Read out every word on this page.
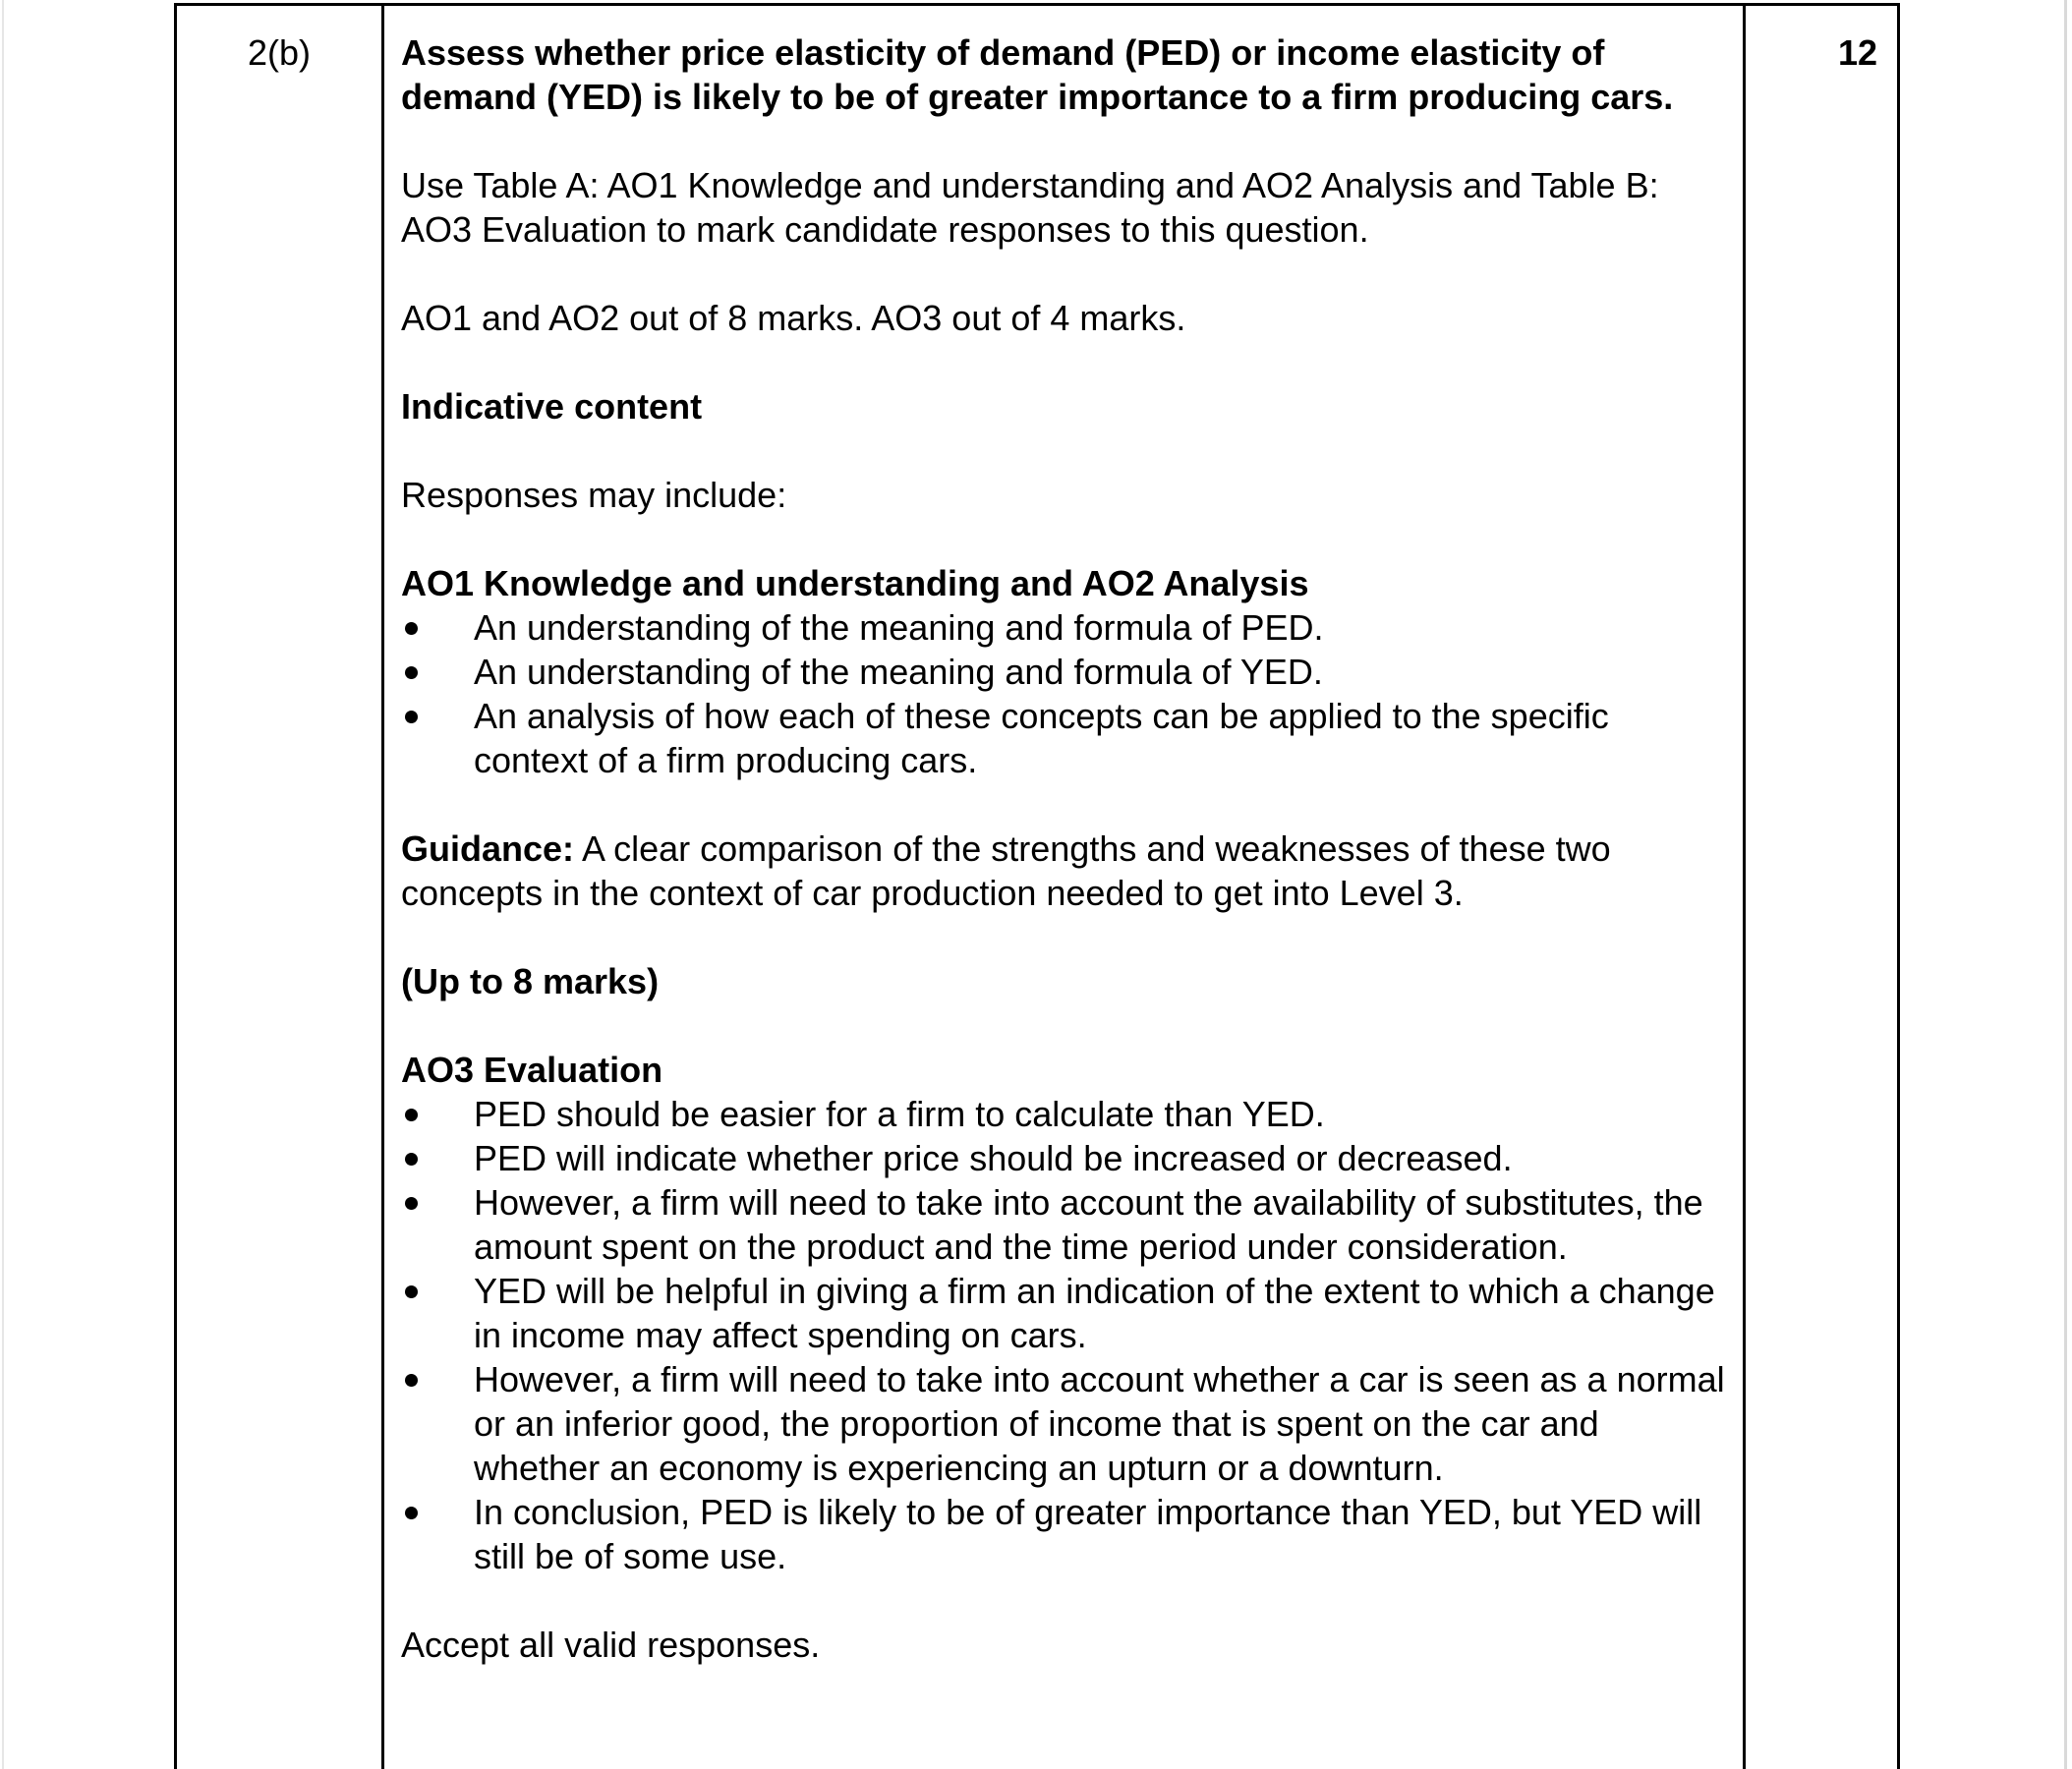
2(b)	Assess whether price elasticity of demand (PED) or income elasticity of demand (YED) is likely to be of greater importance to a firm producing cars.

Use Table A: AO1 Knowledge and understanding and AO2 Analysis and Table B: AO3 Evaluation to mark candidate responses to this question.

AO1 and AO2 out of 8 marks. AO3 out of 4 marks.

Indicative content

Responses may include:

AO1 Knowledge and understanding and AO2 Analysis

An understanding of the meaning and formula of PED.
An understanding of the meaning and formula of YED.
An analysis of how each of these concepts can be applied to the specific context of a firm producing cars.

Guidance: A clear comparison of the strengths and weaknesses of these two concepts in the context of car production needed to get into Level 3.

(Up to 8 marks)

AO3 Evaluation

PED should be easier for a firm to calculate than YED.
PED will indicate whether price should be increased or decreased.
However, a firm will need to take into account the availability of substitutes, the amount spent on the product and the time period under consideration.
YED will be helpful in giving a firm an indication of the extent to which a change in income may affect spending on cars.
However, a firm will need to take into account whether a car is seen as a normal or an inferior good, the proportion of income that is spent on the car and whether an economy is experiencing an upturn or a downturn.
In conclusion, PED is likely to be of greater importance than YED, but YED will still be of some use.

Accept all valid responses.

12
